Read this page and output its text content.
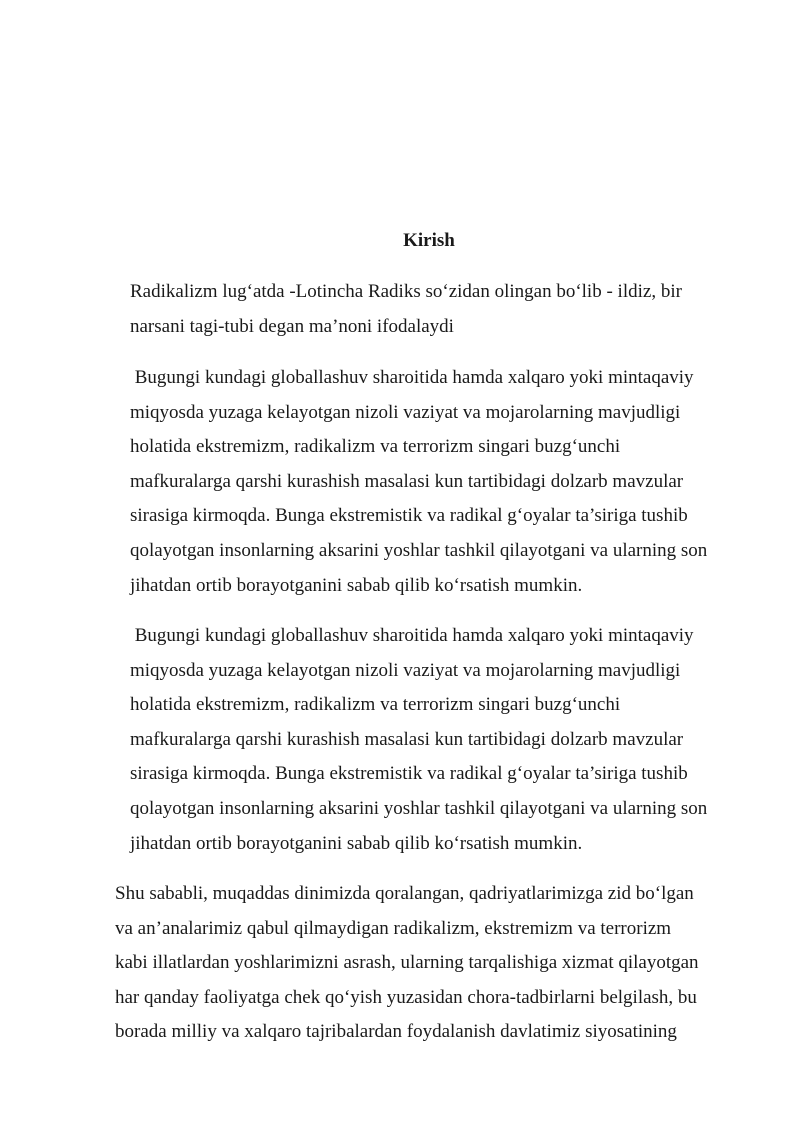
Kirish

Radikalizm lug‘atda -Lotincha Radiks so‘zidan olingan bo‘lib - ildiz, bir
narsani tagi-tubi degan ma’noni ifodalaydi

Bugungi kundagi globallashuv sharoitida hamda xalqaro yoki mintaqaviy
miqyosda yuzaga kelayotgan nizoli vaziyat va mojarolarning mavjudligi
holatida ekstremizm, radikalizm va terrorizm singari buzg‘unchi
mafkuralarga qarshi kurashish masalasi kun tartibidagi dolzarb mavzular
sirasiga kirmoqda. Bunga ekstremistik va radikal g‘oyalar ta’siriga tushib
qolayotgan insonlarning aksarini yoshlar tashkil qilayotgani va ularning son
jihatdan ortib borayotganini sabab qilib ko‘rsatish mumkin.

Bugungi kundagi globallashuv sharoitida hamda xalqaro yoki mintaqaviy
miqyosda yuzaga kelayotgan nizoli vaziyat va mojarolarning mavjudligi
holatida ekstremizm, radikalizm va terrorizm singari buzg‘unchi
mafkuralarga qarshi kurashish masalasi kun tartibidagi dolzarb mavzular
sirasiga kirmoqda. Bunga ekstremistik va radikal g‘oyalar ta’siriga tushib
qolayotgan insonlarning aksarini yoshlar tashkil qilayotgani va ularning son
jihatdan ortib borayotganini sabab qilib ko‘rsatish mumkin.

Shu sababli, muqaddas dinimizda qoralangan, qadriyatlarimizga zid bo‘lgan
va an’analarimiz qabul qilmaydigan radikalizm, ekstremizm va terrorizm
kabi illatlardan yoshlarimizni asrash, ularning tarqalishiga xizmat qilayotgan
har qanday faoliyatga chek qo‘yish yuzasidan chora-tadbirlarni belgilash, bu
borada milliy va xalqaro tajribalardan foydalanish davlatimiz siyosatining
